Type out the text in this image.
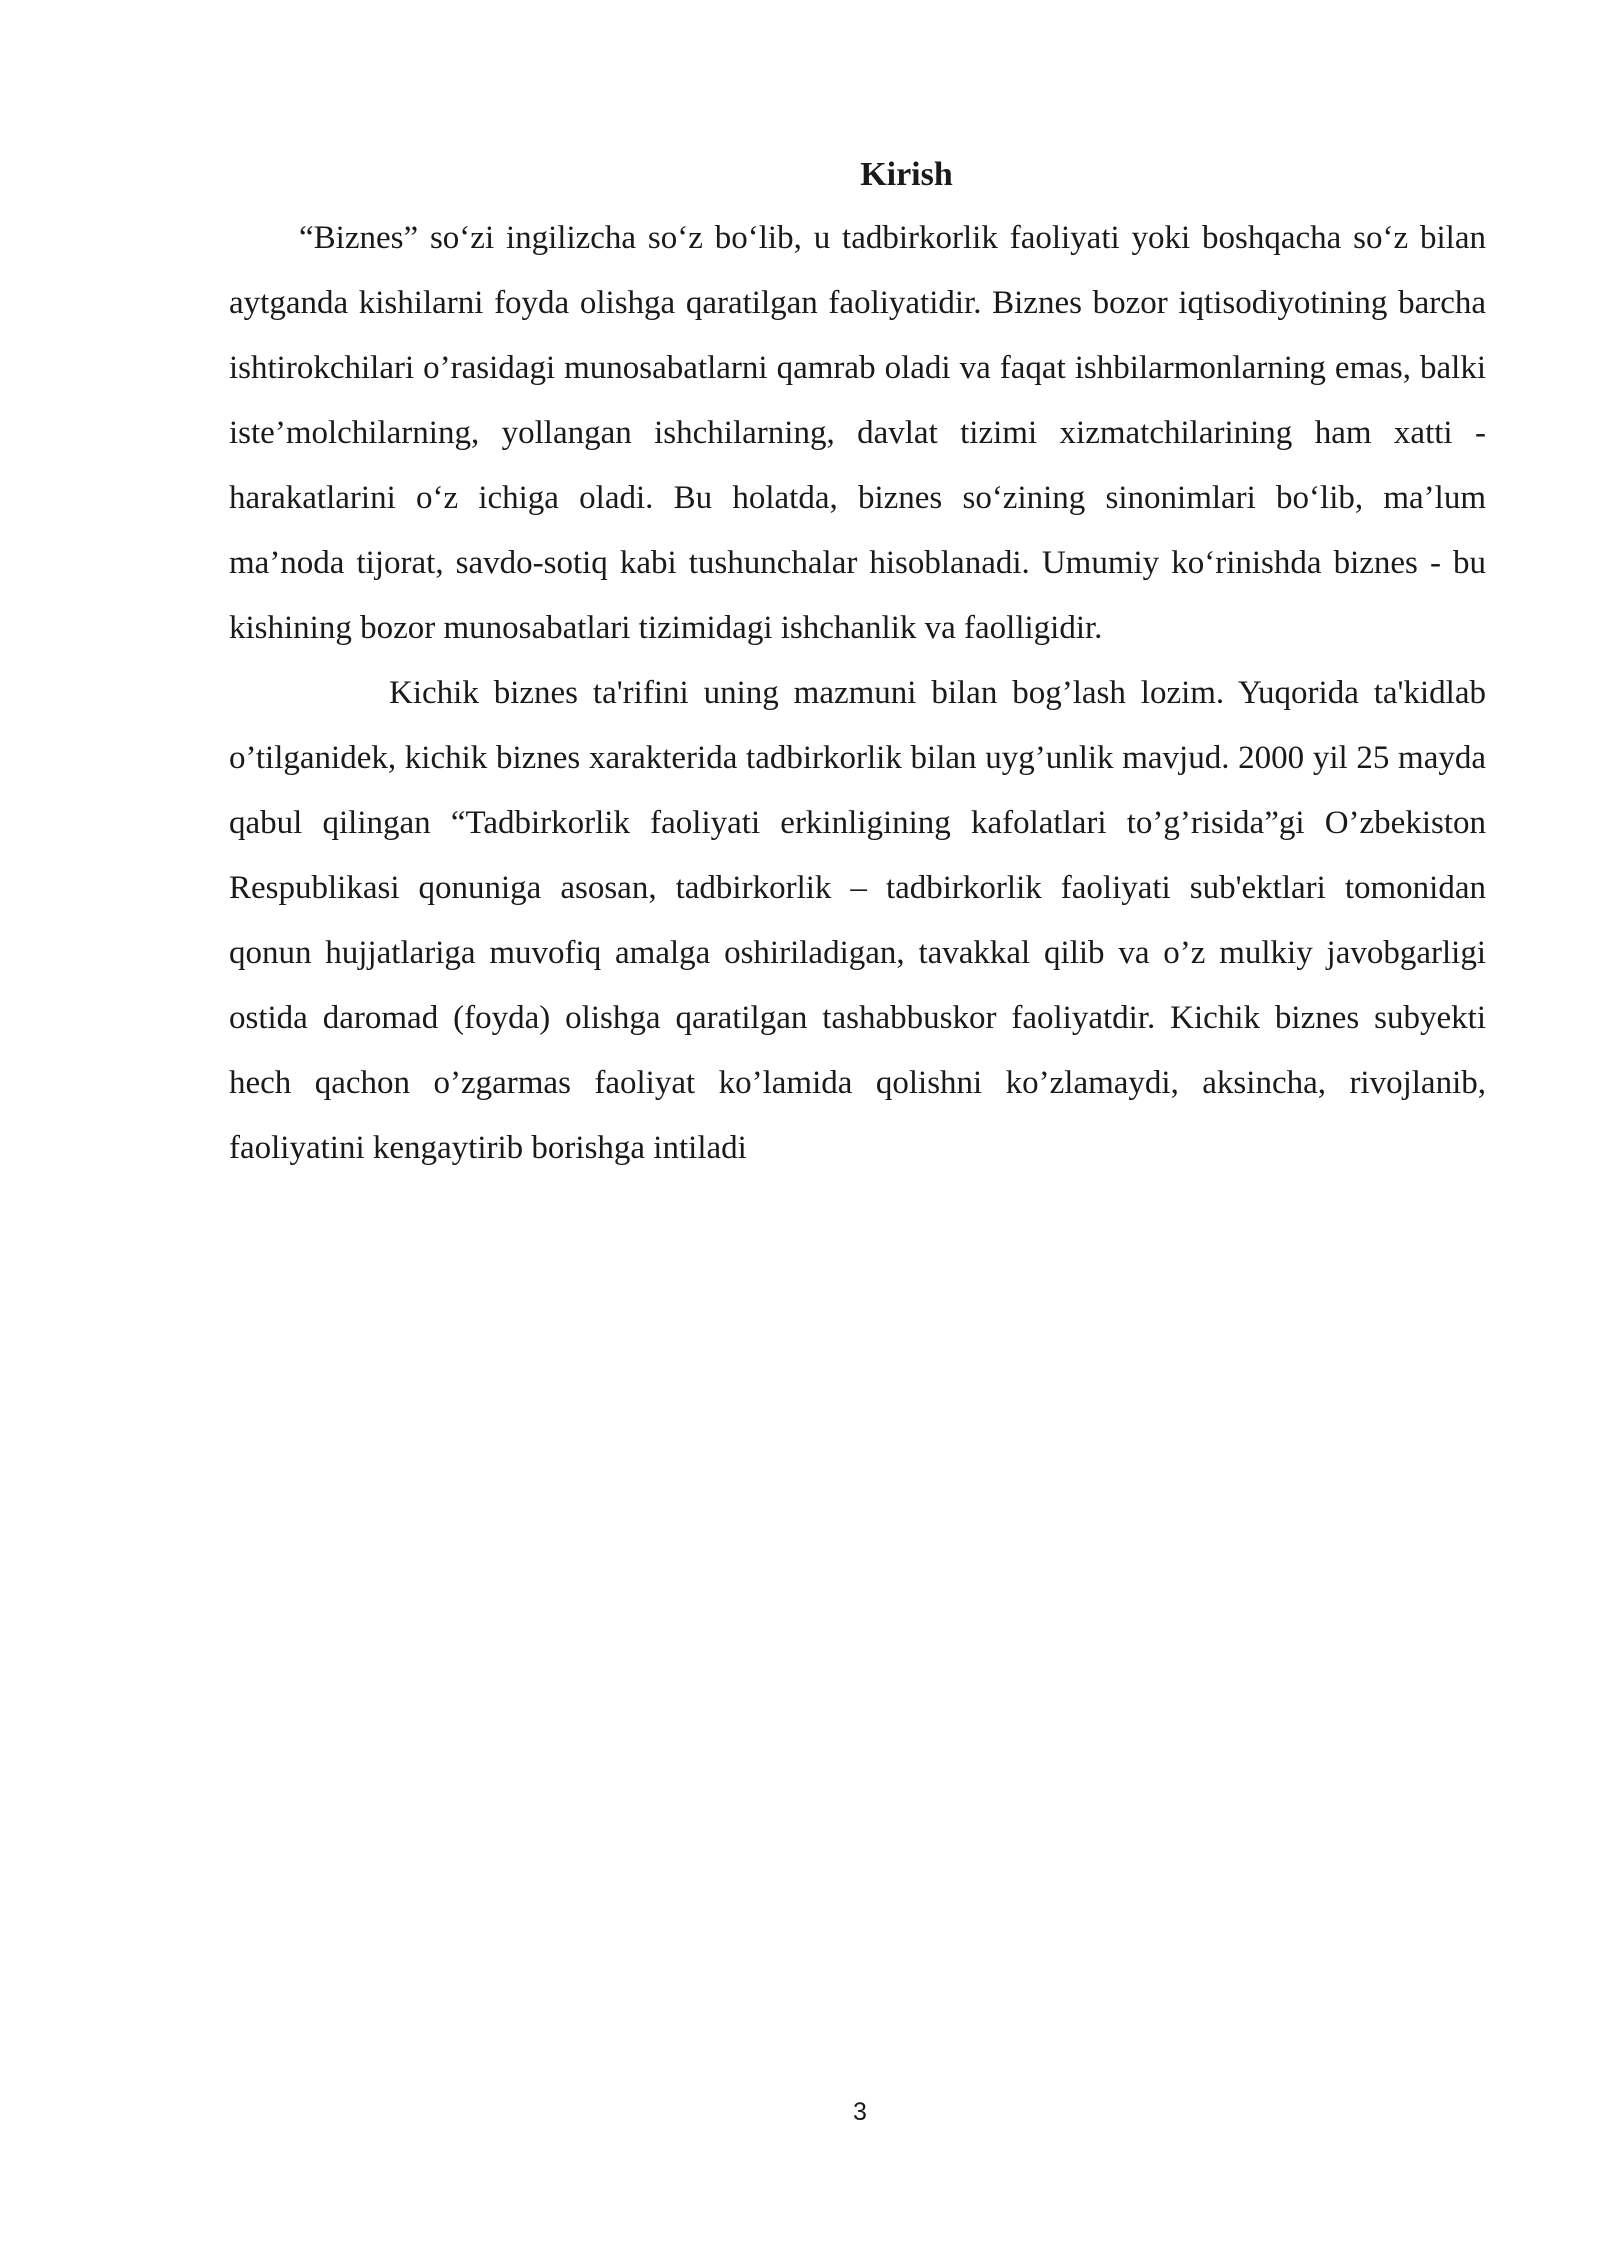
Kirish

“Biznes” so‘zi ingilizcha so‘z bo‘lib, u tadbirkorlik faoliyati yoki boshqacha so‘z bilan aytganda kishilarni foyda olishga qaratilgan faoliyatidir. Biznes bozor iqtisodiyotining barcha ishtirokchilari o’rasidagi munosabatlarni qamrab oladi va faqat ishbilarmonlarning emas, balki iste’molchilarning, yollangan ishchilarning, davlat tizimi xizmatchilarining ham xatti - harakatlarini o‘z ichiga oladi. Bu holatda, biznes so‘zining sinonimlari bo‘lib, ma’lum ma’noda tijorat, savdo-sotiq kabi tushunchalar hisoblanadi. Umumiy ko‘rinishda biznes - bu kishining bozor munosabatlari tizimidagi ishchanlik va faolligidir.

Kichik biznes ta'rifini uning mazmuni bilan bog’lash lozim. Yuqorida ta'kidlab o’tilganidek, kichik biznes xarakterida tadbirkorlik bilan uyg’unlik mavjud. 2000 yil 25 mayda qabul qilingan “Tadbirkorlik faoliyati erkinligining kafolatlari to’g’risida”gi O’zbekiston Respublikasi qonuniga asosan, tadbirkorlik – tadbirkorlik faoliyati sub'ektlari tomonidan qonun hujjatlariga muvofiq amalga oshiriladigan, tavakkal qilib va o’z mulkiy javobgarligi ostida daromad (foyda) olishga qaratilgan tashabbuskor faoliyatdir. Kichik biznes subyekti hech qachon o’zgarmas faoliyat ko’lamida qolishni ko’zlamaydi, aksincha, rivojlanib, faoliyatini kengaytirib borishga intiladi

3
